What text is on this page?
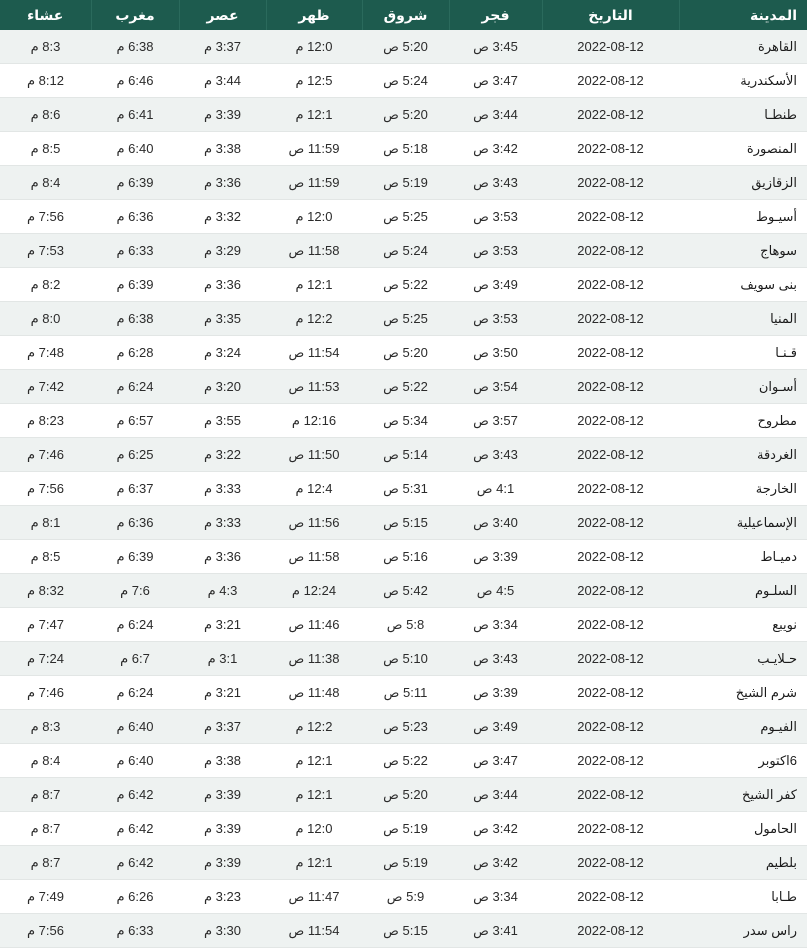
المدينة	التاريخ	فجر	شروق	ظهر	عصر	مغرب	عشاء
القاهرة	2022-08-12	3:45 ص	5:20 ص	12:0 م	3:37 م	6:38 م	8:3 م
الأسكندرية	2022-08-12	3:47 ص	5:24 ص	12:5 م	3:44 م	6:46 م	8:12 م
طنطـا	2022-08-12	3:44 ص	5:20 ص	12:1 م	3:39 م	6:41 م	8:6 م
المنصورة	2022-08-12	3:42 ص	5:18 ص	11:59 ص	3:38 م	6:40 م	8:5 م
الزقازيق	2022-08-12	3:43 ص	5:19 ص	11:59 ص	3:36 م	6:39 م	8:4 م
أسيـوط	2022-08-12	3:53 ص	5:25 ص	12:0 م	3:32 م	6:36 م	7:56 م
سوهاج	2022-08-12	3:53 ص	5:24 ص	11:58 ص	3:29 م	6:33 م	7:53 م
بنى سويف	2022-08-12	3:49 ص	5:22 ص	12:1 م	3:36 م	6:39 م	8:2 م
المنيا	2022-08-12	3:53 ص	5:25 ص	12:2 م	3:35 م	6:38 م	8:0 م
قـنـا	2022-08-12	3:50 ص	5:20 ص	11:54 ص	3:24 م	6:28 م	7:48 م
أسـوان	2022-08-12	3:54 ص	5:22 ص	11:53 ص	3:20 م	6:24 م	7:42 م
مطروح	2022-08-12	3:57 ص	5:34 ص	12:16 م	3:55 م	6:57 م	8:23 م
الغردقة	2022-08-12	3:43 ص	5:14 ص	11:50 ص	3:22 م	6:25 م	7:46 م
الخارجة	2022-08-12	4:1 ص	5:31 ص	12:4 م	3:33 م	6:37 م	7:56 م
الإسماعيلية	2022-08-12	3:40 ص	5:15 ص	11:56 ص	3:33 م	6:36 م	8:1 م
دميـاط	2022-08-12	3:39 ص	5:16 ص	11:58 ص	3:36 م	6:39 م	8:5 م
السلـوم	2022-08-12	4:5 ص	5:42 ص	12:24 م	4:3 م	7:6 م	8:32 م
نويبع	2022-08-12	3:34 ص	5:8 ص	11:46 ص	3:21 م	6:24 م	7:47 م
حـلايـب	2022-08-12	3:43 ص	5:10 ص	11:38 ص	3:1 م	6:7 م	7:24 م
شرم الشيخ	2022-08-12	3:39 ص	5:11 ص	11:48 ص	3:21 م	6:24 م	7:46 م
الفيـوم	2022-08-12	3:49 ص	5:23 ص	12:2 م	3:37 م	6:40 م	8:3 م
6اكتوبر	2022-08-12	3:47 ص	5:22 ص	12:1 م	3:38 م	6:40 م	8:4 م
كفر الشيخ	2022-08-12	3:44 ص	5:20 ص	12:1 م	3:39 م	6:42 م	8:7 م
الحامول	2022-08-12	3:42 ص	5:19 ص	12:0 م	3:39 م	6:42 م	8:7 م
بلطيم	2022-08-12	3:42 ص	5:19 ص	12:1 م	3:39 م	6:42 م	8:7 م
طـابا	2022-08-12	3:34 ص	5:9 ص	11:47 ص	3:23 م	6:26 م	7:49 م
راس سدر	2022-08-12	3:41 ص	5:15 ص	11:54 ص	3:30 م	6:33 م	7:56 م
